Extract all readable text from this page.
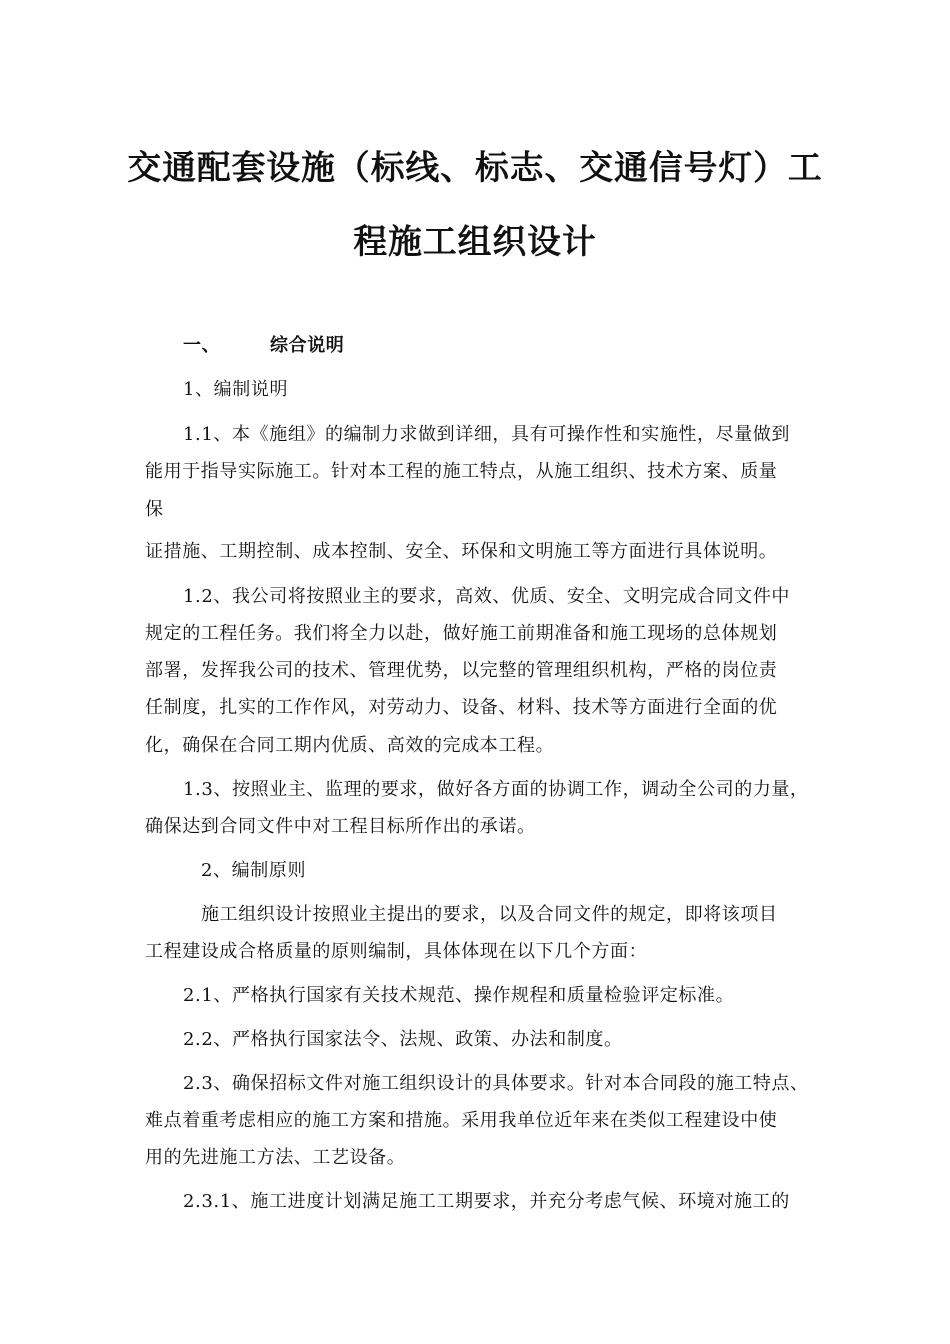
交通配套设施（标线、标志、交通信号灯）工
程施工组织设计
一、	综合说明
1、编制说明
1.1、本《施组》的编制力求做到详细，具有可操作性和实施性，尽量做到
能用于指导实际施工。针对本工程的施工特点，从施工组织、技术方案、质量
保
证措施、工期控制、成本控制、安全、环保和文明施工等方面进行具体说明。
1.2、我公司将按照业主的要求，高效、优质、安全、文明完成合同文件中
规定的工程任务。我们将全力以赴，做好施工前期准备和施工现场的总体规划
部署，发挥我公司的技术、管理优势，以完整的管理组织机构，严格的岗位责
任制度，扎实的工作作风，对劳动力、设备、材料、技术等方面进行全面的优
化，确保在合同工期内优质、高效的完成本工程。
1.3、按照业主、监理的要求，做好各方面的协调工作，调动全公司的力量，
确保达到合同文件中对工程目标所作出的承诺。
2、编制原则
施工组织设计按照业主提出的要求，以及合同文件的规定，即将该项目
工程建设成合格质量的原则编制，具体体现在以下几个方面：
2.1、严格执行国家有关技术规范、操作规程和质量检验评定标准。
2.2、严格执行国家法令、法规、政策、办法和制度。
2.3、确保招标文件对施工组织设计的具体要求。针对本合同段的施工特点、
难点着重考虑相应的施工方案和措施。采用我单位近年来在类似工程建设中使
用的先进施工方法、工艺设备。
2.3.1、施工进度计划满足施工工期要求，并充分考虑气候、环境对施工的
